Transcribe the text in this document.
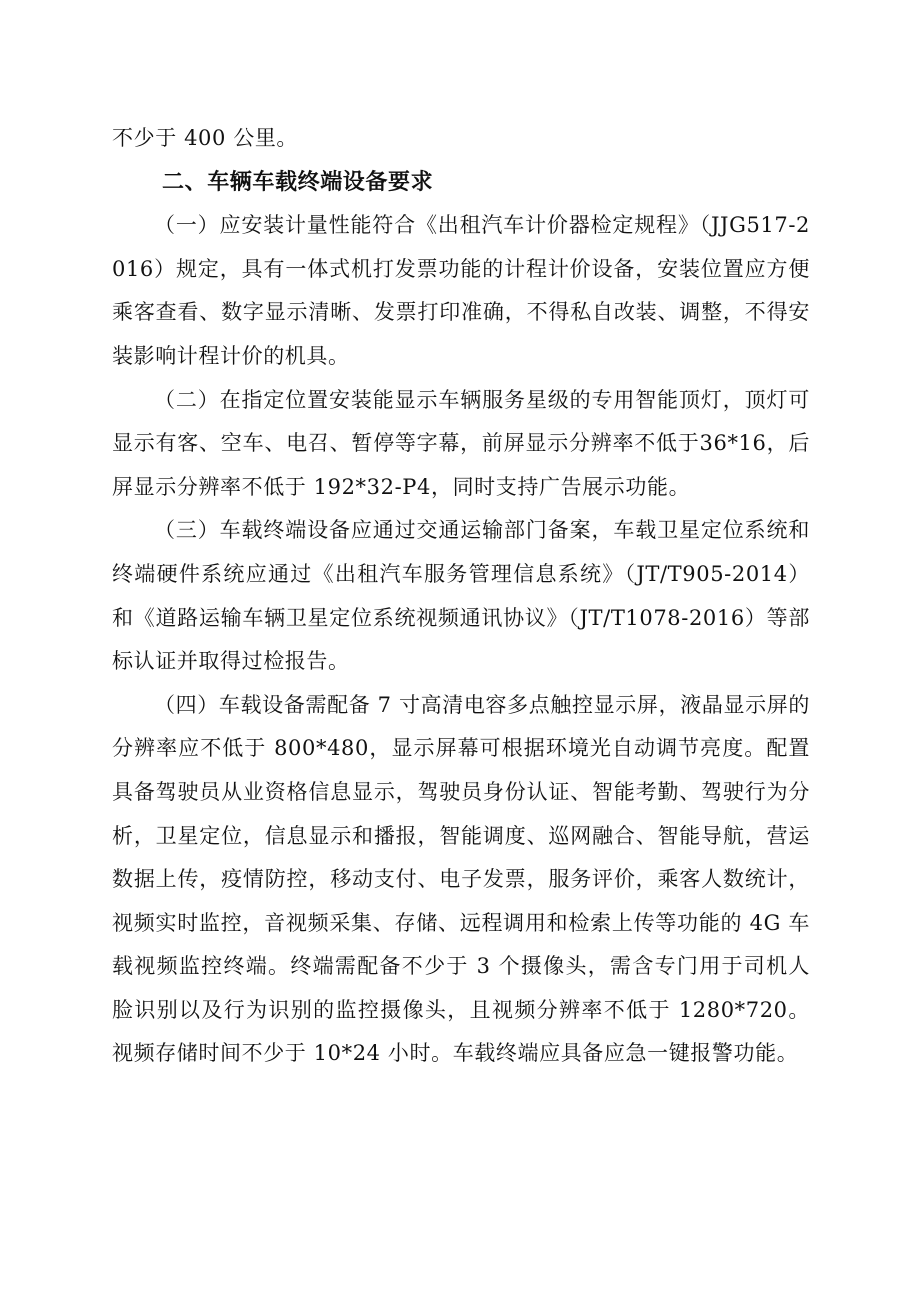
不少于 400 公里。

二、车辆车载终端设备要求

（一）应安装计量性能符合《出租汽车计价器检定规程》（JJG517-2016）规定，具有一体式机打发票功能的计程计价设备，安装位置应方便乘客查看、数字显示清晰、发票打印准确，不得私自改装、调整，不得安装影响计程计价的机具。

（二）在指定位置安装能显示车辆服务星级的专用智能顶灯，顶灯可显示有客、空车、电召、暂停等字幕，前屏显示分辨率不低于36*16，后屏显示分辨率不低于 192*32-P4，同时支持广告展示功能。

（三）车载终端设备应通过交通运输部门备案，车载卫星定位系统和终端硬件系统应通过《出租汽车服务管理信息系统》（JT/T905-2014）和《道路运输车辆卫星定位系统视频通讯协议》（JT/T1078-2016）等部标认证并取得过检报告。

（四）车载设备需配备 7 寸高清电容多点触控显示屏，液晶显示屏的分辨率应不低于 800*480，显示屏幕可根据环境光自动调节亮度。配置具备驾驶员从业资格信息显示，驾驶员身份认证、智能考勤、驾驶行为分析，卫星定位，信息显示和播报，智能调度、巡网融合、智能导航，营运数据上传，疫情防控，移动支付、电子发票，服务评价，乘客人数统计，视频实时监控，音视频采集、存储、远程调用和检索上传等功能的 4G 车载视频监控终端。终端需配备不少于 3 个摄像头，需含专门用于司机人脸识别以及行为识别的监控摄像头，且视频分辨率不低于 1280*720。视频存储时间不少于 10*24 小时。车载终端应具备应急一键报警功能。
